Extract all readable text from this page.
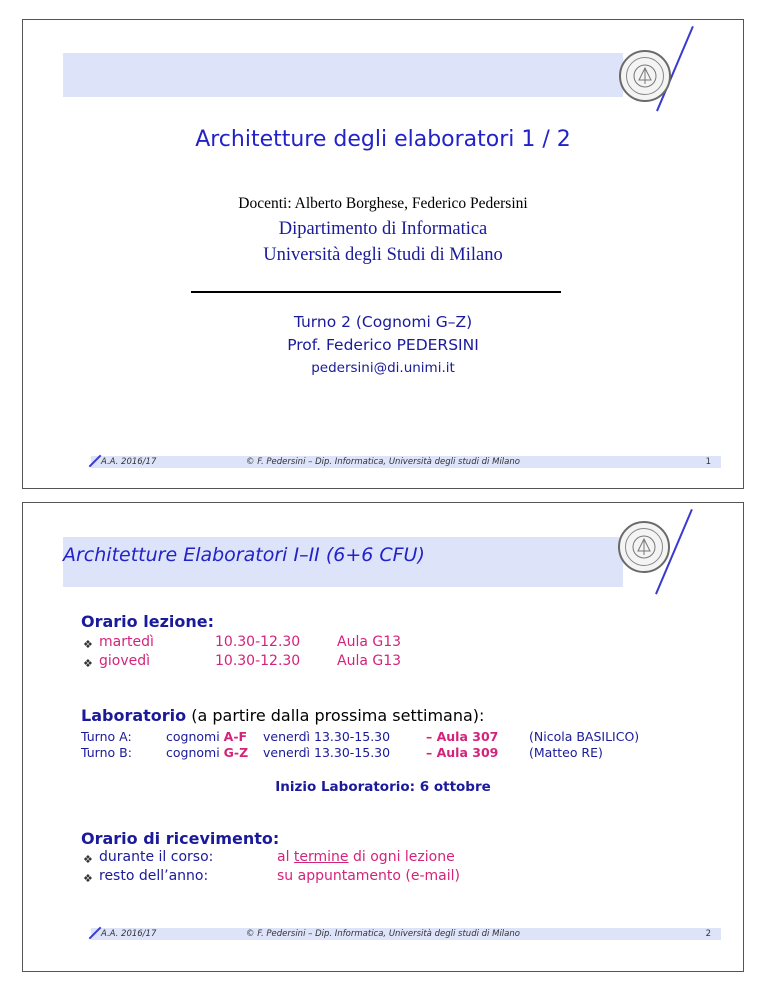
Architetture degli elaboratori 1 / 2
Docenti: Alberto Borghese, Federico Pedersini
Dipartimento di Informatica
Università degli Studi di Milano
Turno 2 (Cognomi G–Z)
Prof. Federico PEDERSINI
pedersini@di.unimi.it
A.A. 2016/17	© F. Pedersini – Dip. Informatica, Università degli studi di Milano	1
Architetture Elaboratori I–II (6+6 CFU)
Orario lezione:
❖ martedì	10.30-12.30	Aula G13
❖ giovedì	10.30-12.30	Aula G13
Laboratorio (a partire dalla prossima settimana):
Turno A:	cognomi A-F venerdì 13.30-15.30	– Aula 307 (Nicola BASILICO)
Turno B:	cognomi G-Z venerdì 13.30-15.30	– Aula 309 (Matteo RE)
Inizio Laboratorio: 6 ottobre
Orario di ricevimento:
❖ durante il corso:	al termine di ogni lezione
❖ resto dell’anno:	su appuntamento (e-mail)
A.A. 2016/17	© F. Pedersini – Dip. Informatica, Università degli studi di Milano	2
